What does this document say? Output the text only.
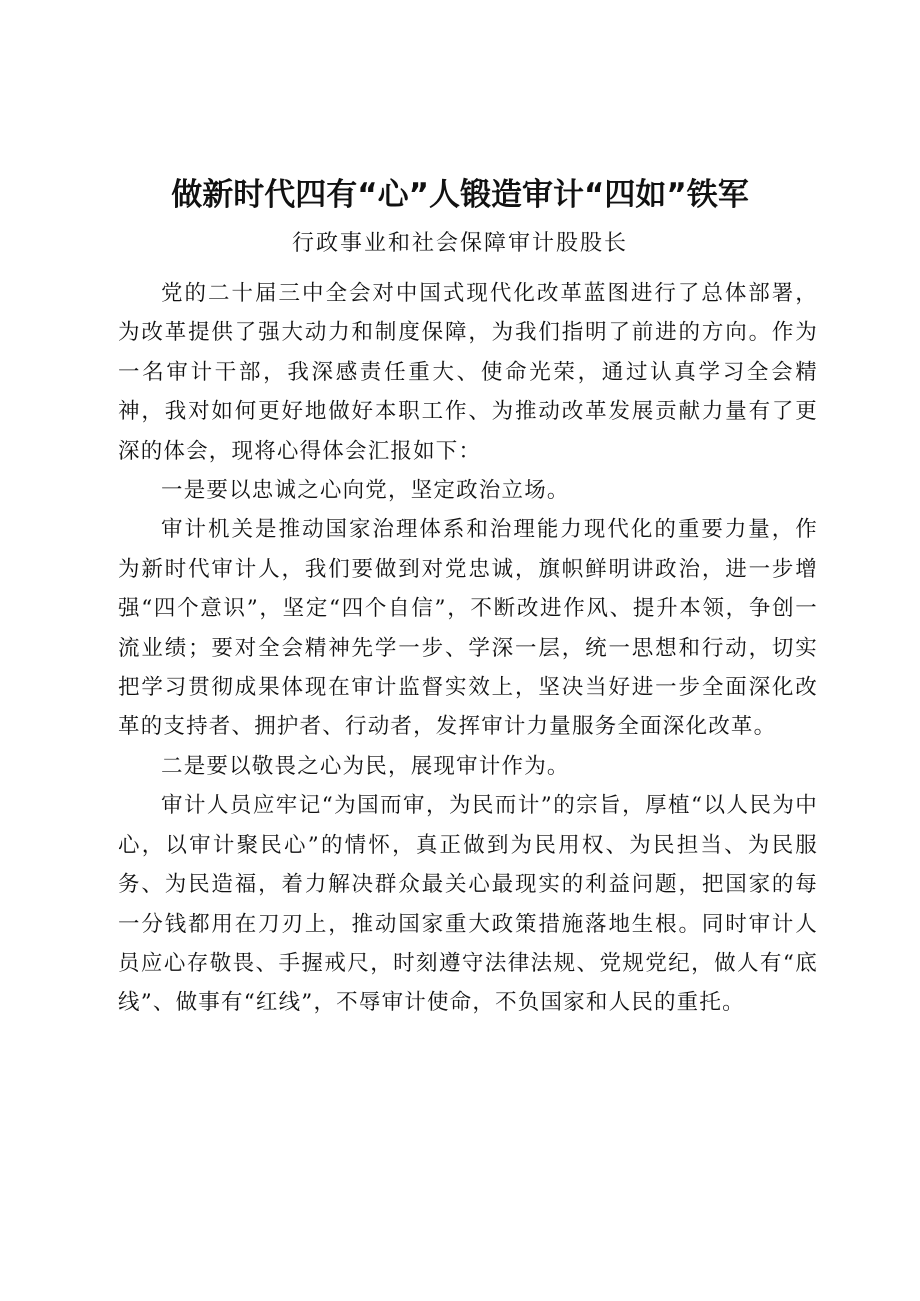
做新时代四有“心”人锻造审计“四如”铁军
行政事业和社会保障审计股股长

党的二十届三中全会对中国式现代化改革蓝图进行了总体部署，为改革提供了强大动力和制度保障，为我们指明了前进的方向。作为一名审计干部，我深感责任重大、使命光荣，通过认真学习全会精神，我对如何更好地做好本职工作、为推动改革发展贡献力量有了更深的体会，现将心得体会汇报如下：

一是要以忠诚之心向党，坚定政治立场。

审计机关是推动国家治理体系和治理能力现代化的重要力量，作为新时代审计人，我们要做到对党忠诚，旗帜鲜明讲政治，进一步增强“四个意识”，坚定“四个自信”，不断改进作风、提升本领，争创一流业绩；要对全会精神先学一步、学深一层，统一思想和行动，切实把学习贯彻成果体现在审计监督实效上，坚决当好进一步全面深化改革的支持者、拥护者、行动者，发挥审计力量服务全面深化改革。

二是要以敬畏之心为民，展现审计作为。

审计人员应牢记“为国而审，为民而计”的宗旨，厚植“以人民为中心，以审计聚民心”的情怀，真正做到为民用权、为民担当、为民服务、为民造福，着力解决群众最关心最现实的利益问题，把国家的每一分钱都用在刀刃上，推动国家重大政策措施落地生根。同时审计人员应心存敬畏、手握戒尺，时刻遵守法律法规、党规党纪，做人有“底线”、做事有“红线”，不辱审计使命，不负国家和人民的重托。
